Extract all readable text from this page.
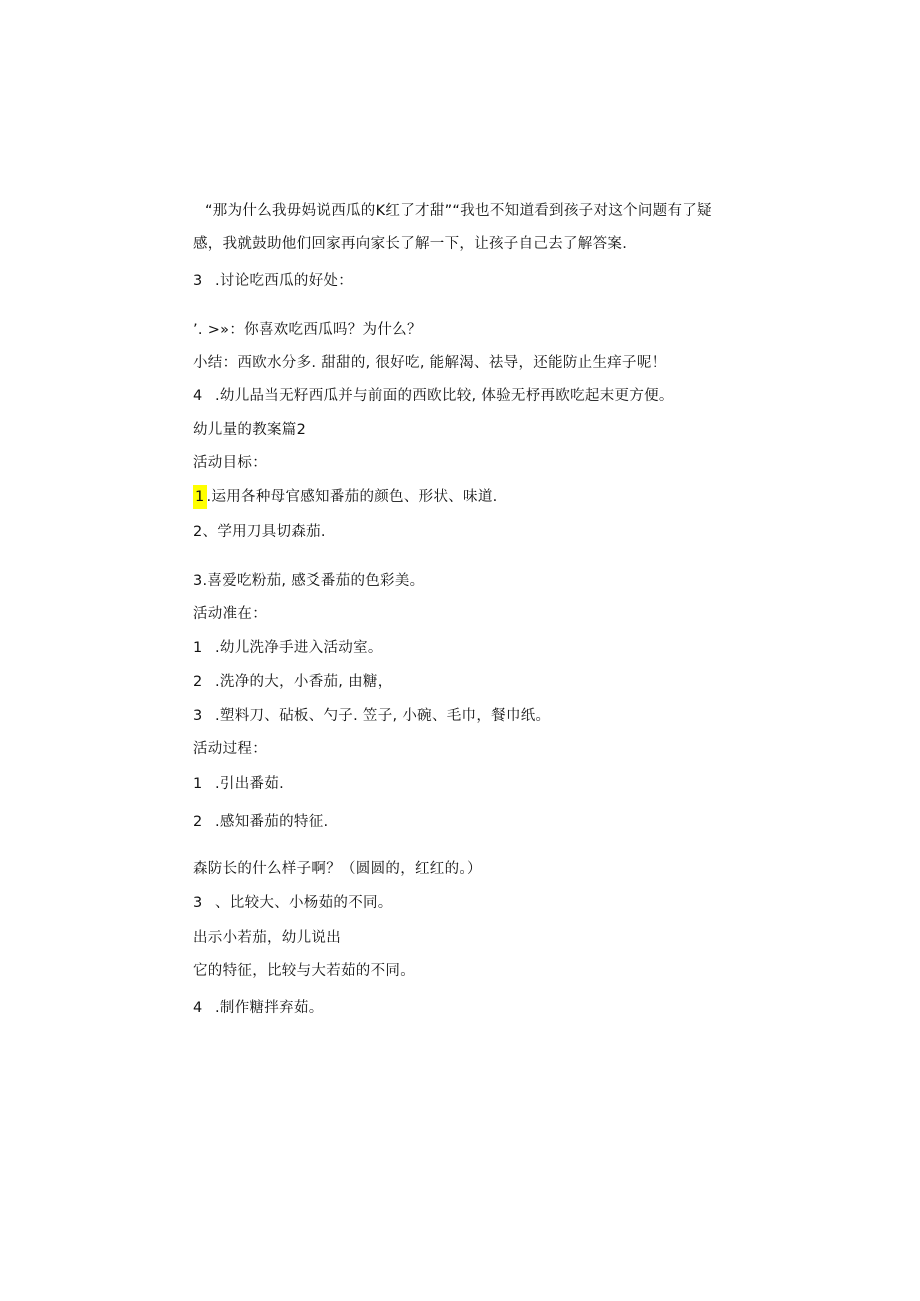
“那为什么我毋妈说西瓜的K红了才甜”“我也不知道看到孩子对这个问题有了疑
感，我就鼓助他们回家再向家长了解一下，让孩子自己去了解答案.
3 .讨论吃西瓜的好处：
’. >»：你喜欢吃西瓜吗？为什么？
小结：西欧水分多. 甜甜的, 很好吃, 能解渴、祛导，还能防止生痒子呢！
4 .幼儿品当无籽西瓜并与前面的西欧比较, 体验无杼再欧吃起末更方便。
幼儿量的教案篇2
活动目标：
1 .运用各种母官感知番茄的颜色、形状、味道.
2、学用刀具切森茄.
3.喜爱吃粉茄, 感爻番茄的色彩美。
活动准在：
1 .幼儿洗净手进入活动室。
2 .洗净的大，小香茄, 由糖，
3 .塑料刀、砧板、勺子. 笠子, 小碗、毛巾，餐巾纸。
活动过程：
1 .引出番茹.
2 .感知番茄的特征.
森防长的什么样子啊？（圆圆的，红红的。）
3 、比较大、小杨茹的不同。
出示小若茄，幼儿说出
它的特征，比较与大若茹的不同。
4 .制作糖拌弃茹。
